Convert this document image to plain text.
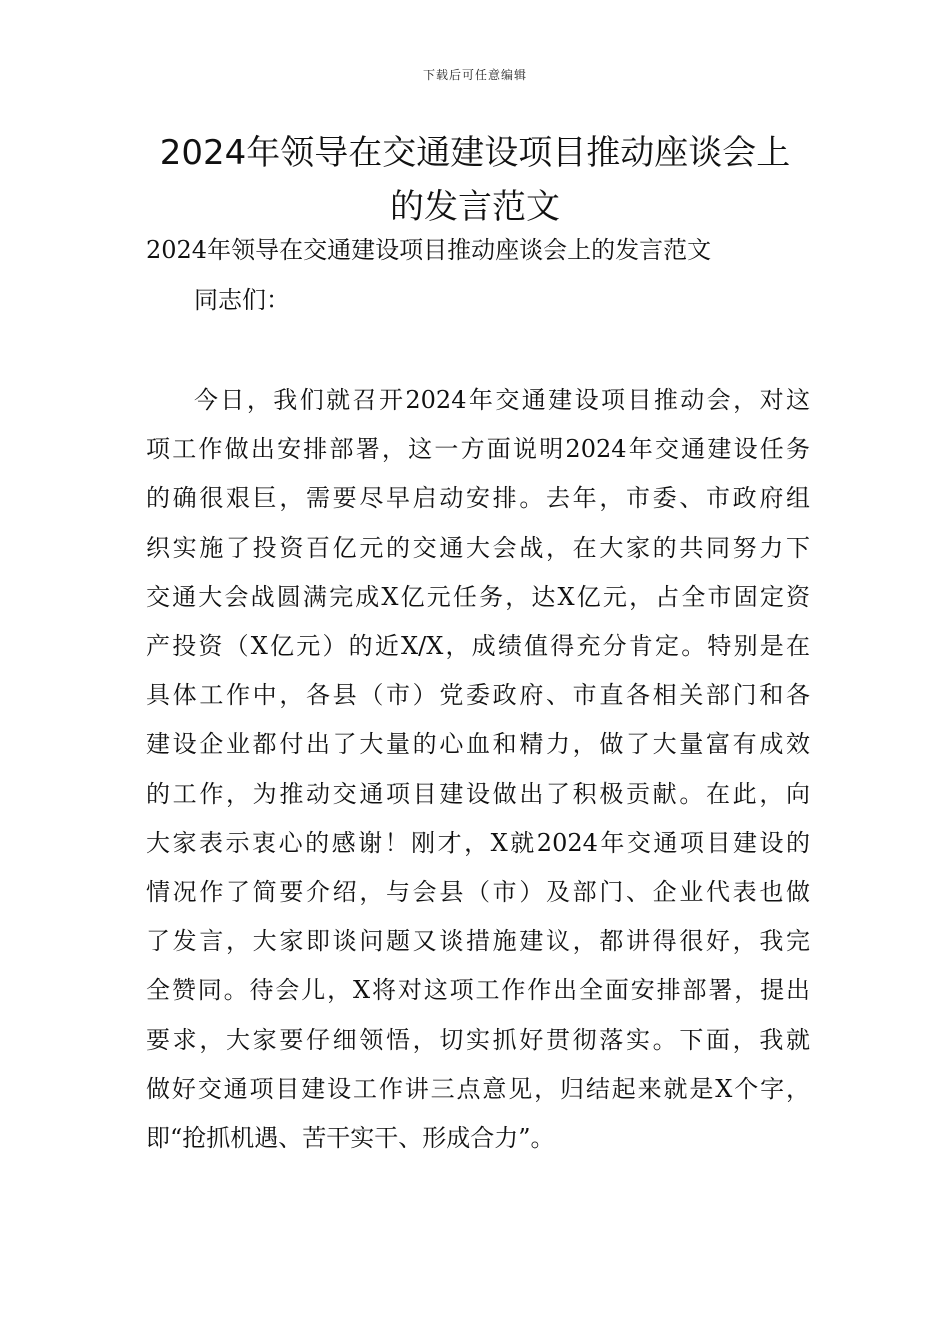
下载后可任意编辑
2024年领导在交通建设项目推动座谈会上
的发言范文
2024年领导在交通建设项目推动座谈会上的发言范文
同志们：
今日，我们就召开2024年交通建设项目推动会，对这
项工作做出安排部署，这一方面说明2024年交通建设任务
的确很艰巨，需要尽早启动安排。去年，市委、市政府组
织实施了投资百亿元的交通大会战，在大家的共同努力下
交通大会战圆满完成X亿元任务，达X亿元，占全市固定资
产投资（X亿元）的近X/X，成绩值得充分肯定。特别是在
具体工作中，各县（市）党委政府、市直各相关部门和各
建设企业都付出了大量的心血和精力，做了大量富有成效
的工作，为推动交通项目建设做出了积极贡献。在此，向
大家表示衷心的感谢！刚才，X就2024年交通项目建设的
情况作了简要介绍，与会县（市）及部门、企业代表也做
了发言，大家即谈问题又谈措施建议，都讲得很好，我完
全赞同。待会儿，X将对这项工作作出全面安排部署，提出
要求，大家要仔细领悟，切实抓好贯彻落实。下面，我就
做好交通项目建设工作讲三点意见，归结起来就是X个字，
即“抢抓机遇、苦干实干、形成合力”。
